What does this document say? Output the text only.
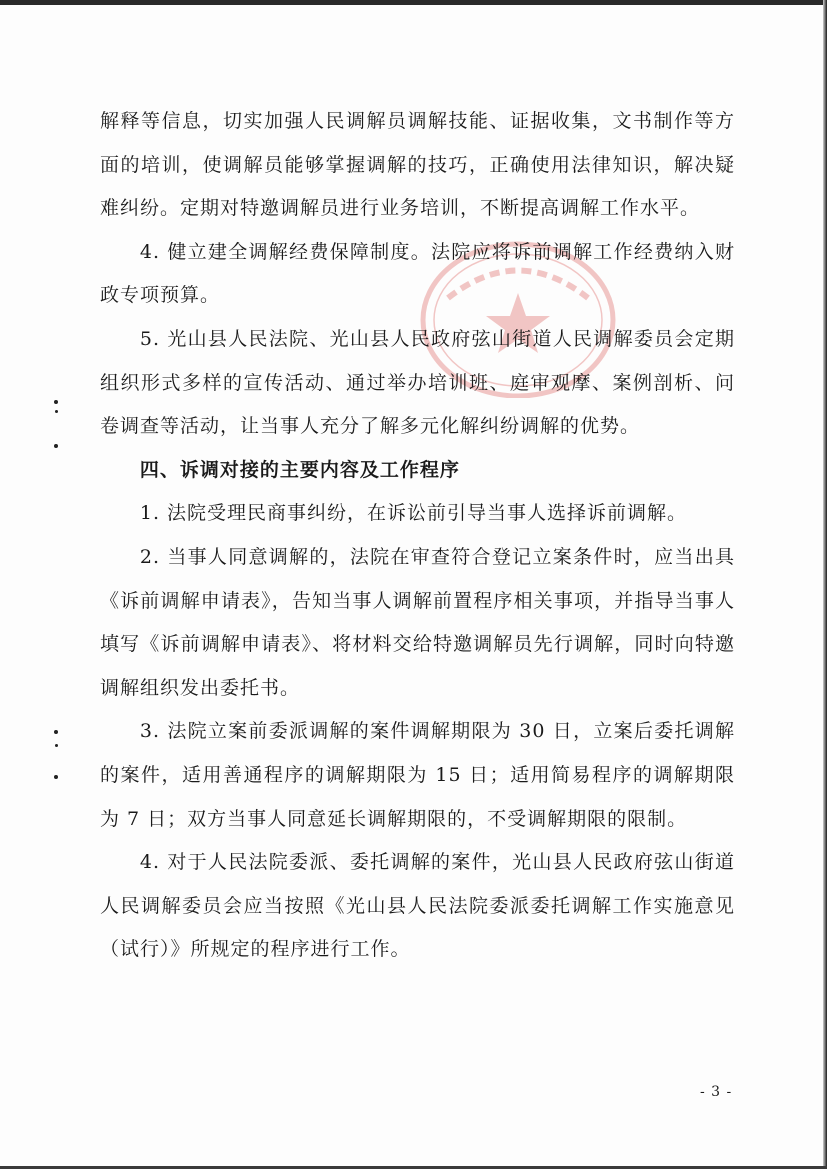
解释等信息，切实加强人民调解员调解技能、证据收集，文书制作等方面的培训，使调解员能够掌握调解的技巧，正确使用法律知识，解决疑难纠纷。定期对特邀调解员进行业务培训，不断提高调解工作水平。

4. 健立建全调解经费保障制度。法院应将诉前调解工作经费纳入财政专项预算。

5. 光山县人民法院、光山县人民政府弦山街道人民调解委员会定期组织形式多样的宣传活动、通过举办培训班、庭审观摩、案例剖析、问卷调查等活动，让当事人充分了解多元化解纠纷调解的优势。

四、诉调对接的主要内容及工作程序

1. 法院受理民商事纠纷，在诉讼前引导当事人选择诉前调解。

2. 当事人同意调解的，法院在审查符合登记立案条件时，应当出具《诉前调解申请表》，告知当事人调解前置程序相关事项，并指导当事人填写《诉前调解申请表》、将材料交给特邀调解员先行调解，同时向特邀调解组织发出委托书。

3. 法院立案前委派调解的案件调解期限为 30 日，立案后委托调解的案件，适用善通程序的调解期限为 15 日；适用简易程序的调解期限为 7 日；双方当事人同意延长调解期限的，不受调解期限的限制。

4. 对于人民法院委派、委托调解的案件，光山县人民政府弦山街道人民调解委员会应当按照《光山县人民法院委派委托调解工作实施意见（试行）》所规定的程序进行工作。

- 3 -
